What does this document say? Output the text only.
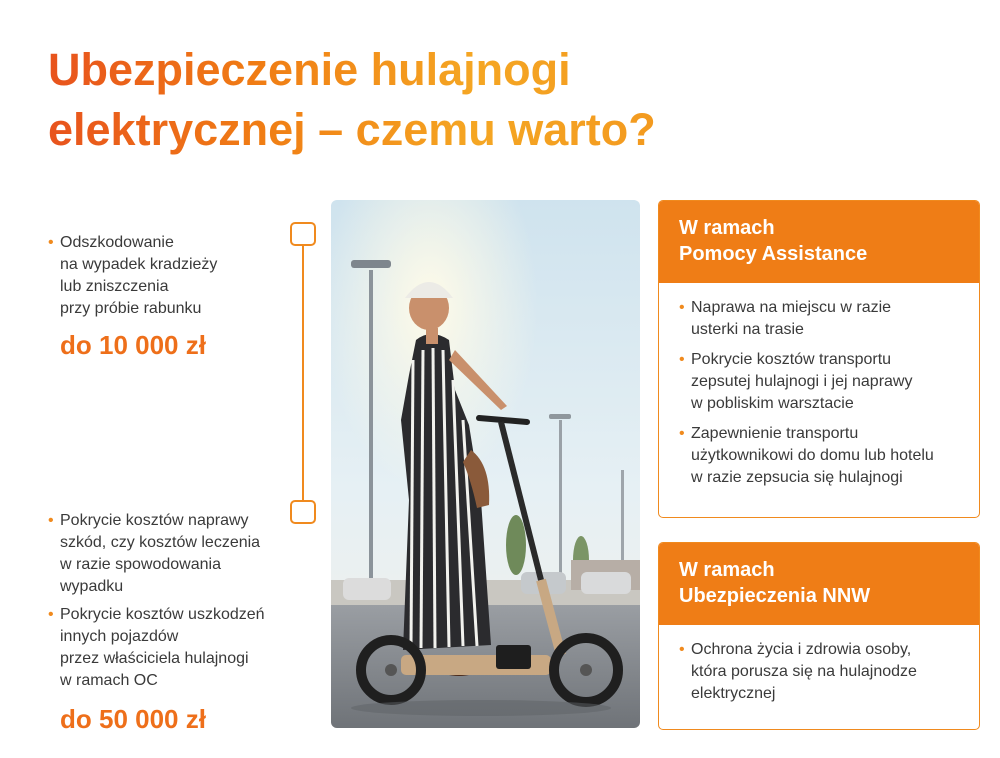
Ubezpieczenie hulajnogi
elektrycznej – czemu warto?
• Odszkodowanie
na wypadek kradzieży
lub zniszczenia
przy próbie rabunku
do 10 000 zł
• Pokrycie kosztów naprawy
szkód, czy kosztów leczenia
w razie spowodowania
wypadku
• Pokrycie kosztów uszkodzeń
innych pojazdów
przez właściciela hulajnogi
w ramach OC
do 50 000 zł
W ramach
Pomocy Assistance
• Naprawa na miejscu w razie
usterki na trasie
• Pokrycie kosztów transportu
zepsutej hulajnogi i jej naprawy
w pobliskim warsztacie
• Zapewnienie transportu
użytkownikowi do domu lub hotelu
w razie zepsucia się hulajnogi
W ramach
Ubezpieczenia NNW
• Ochrona życia i zdrowia osoby,
która porusza się na hulajnodze
elektrycznej
